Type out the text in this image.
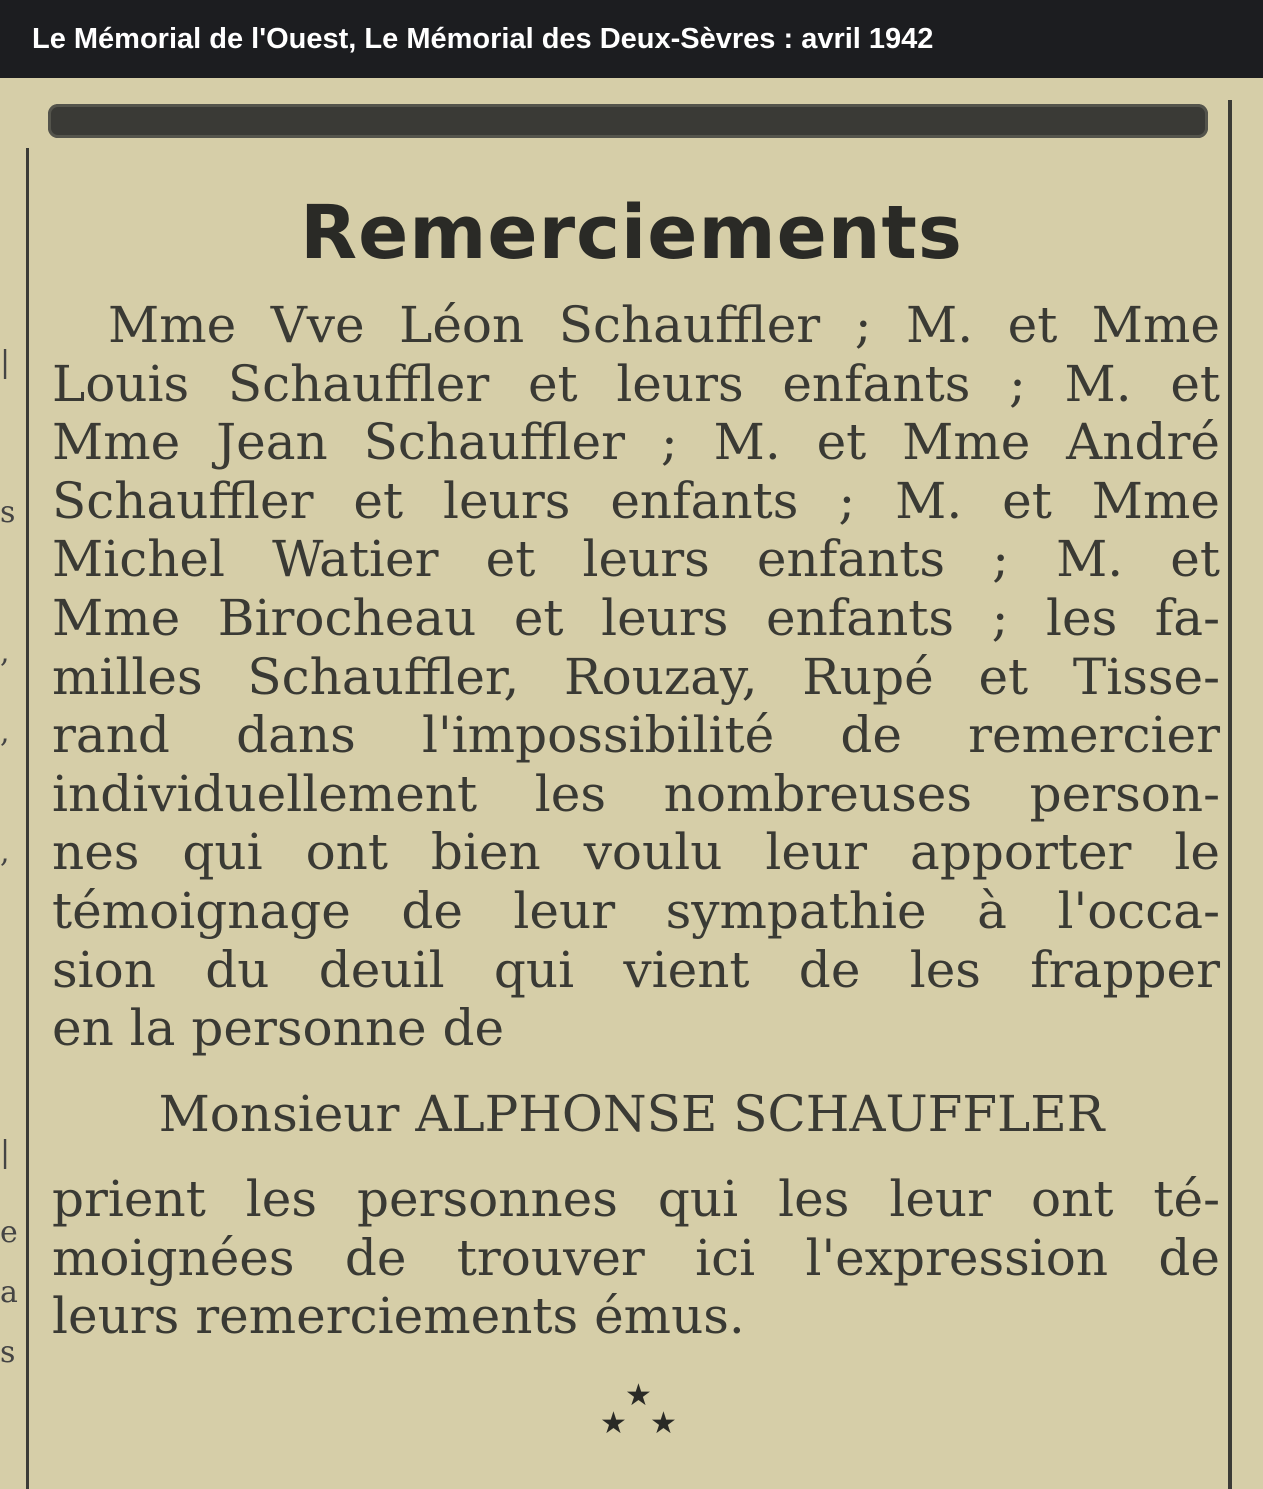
Le Mémorial de l'Ouest, Le Mémorial des Deux-Sèvres : avril 1942
|
s
,
,
,
|
e
a
s
Remerciements
Mme Vve Léon Schauffler ; M. et Mme
Louis Schauffler et leurs enfants ; M. et
Mme Jean Schauffler ; M. et Mme André
Schauffler et leurs enfants ; M. et Mme
Michel Watier et leurs enfants ; M. et
Mme Birocheau et leurs enfants ; les fa-
milles Schauffler, Rouzay, Rupé et Tisse-
rand dans l'impossibilité de remercier
individuellement les nombreuses person-
nes qui ont bien voulu leur apporter le
témoignage de leur sympathie à l'occa-
sion du deuil qui vient de les frapper
en la personne de
Monsieur ALPHONSE SCHAUFFLER
prient les personnes qui les leur ont té-
moignées de trouver ici l'expression de
leurs remerciements émus.
★
★ ★
